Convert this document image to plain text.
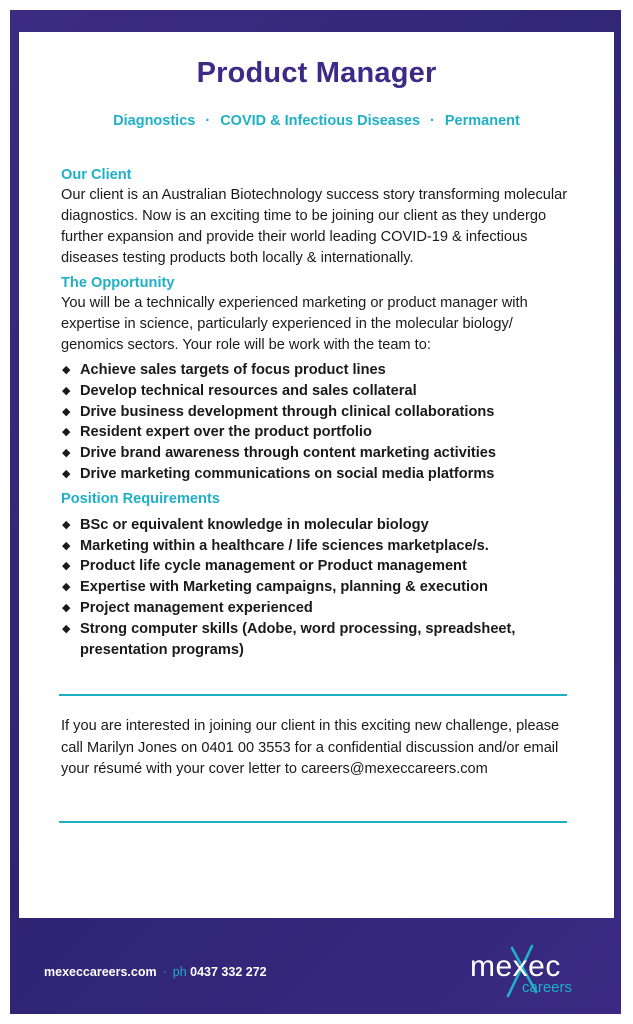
Product Manager
Diagnostics · COVID & Infectious Diseases · Permanent
Our Client
Our client is an Australian Biotechnology success story transforming molecular diagnostics. Now is an exciting time to be joining our client as they undergo further expansion and provide their world leading COVID-19 & infectious diseases testing products both locally & internationally.
The Opportunity
You will be a technically experienced marketing or product manager with expertise in science, particularly experienced in the molecular biology/ genomics sectors. Your role will be work with the team to:
◆ Achieve sales targets of focus product lines
◆ Develop technical resources and sales collateral
◆ Drive business development through clinical collaborations
◆ Resident expert over the product portfolio
◆ Drive brand awareness through content marketing activities
◆ Drive marketing communications on social media platforms
Position Requirements
◆ BSc or equivalent knowledge in molecular biology
◆ Marketing within a healthcare / life sciences marketplace/s.
◆ Product life cycle management or Product management
◆ Expertise with Marketing campaigns, planning & execution
◆ Project management experienced
◆ Strong computer skills (Adobe, word processing, spreadsheet, presentation programs)
If you are interested in joining our client in this exciting new challenge, please call Marilyn Jones on 0401 00 3553 for a confidential discussion and/or email your résumé with your cover letter to careers@mexeccareers.com
mexeccareers.com · ph 0437 332 272	mexec
careers
